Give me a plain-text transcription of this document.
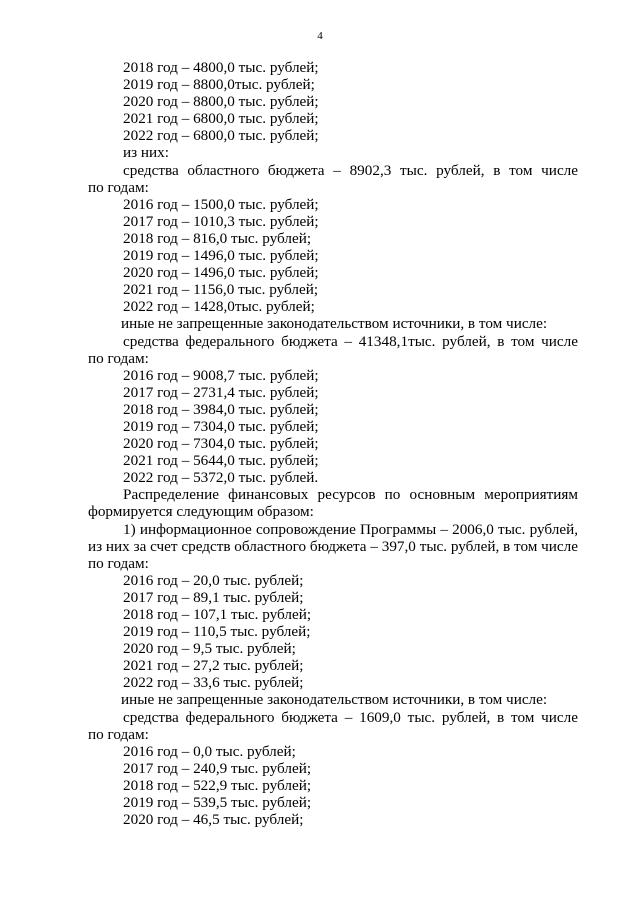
4
2018 год – 4800,0 тыс. рублей;
2019 год – 8800,0тыс. рублей;
2020 год – 8800,0 тыс. рублей;
2021 год – 6800,0 тыс. рублей;
2022 год – 6800,0 тыс. рублей;
из них:
средства областного бюджета – 8902,3 тыс. рублей, в том числе
по годам:
2016 год – 1500,0 тыс. рублей;
2017 год – 1010,3 тыс. рублей;
2018 год – 816,0 тыс. рублей;
2019 год – 1496,0 тыс. рублей;
2020 год – 1496,0 тыс. рублей;
2021 год – 1156,0 тыс. рублей;
2022 год – 1428,0тыс. рублей;
иные не запрещенные законодательством источники, в том числе:
средства федерального бюджета – 41348,1тыс. рублей, в том числе
по годам:
2016 год – 9008,7 тыс. рублей;
2017 год – 2731,4 тыс. рублей;
2018 год – 3984,0 тыс. рублей;
2019 год – 7304,0 тыс. рублей;
2020 год – 7304,0 тыс. рублей;
2021 год – 5644,0 тыс. рублей;
2022 год – 5372,0 тыс. рублей.
Распределение финансовых ресурсов по основным мероприятиям
формируется следующим образом:
1) информационное сопровождение Программы – 2006,0 тыс. рублей,
из них за счет средств областного бюджета – 397,0 тыс. рублей, в том числе
по годам:
2016 год – 20,0 тыс. рублей;
2017 год – 89,1 тыс. рублей;
2018 год – 107,1 тыс. рублей;
2019 год – 110,5 тыс. рублей;
2020 год – 9,5 тыс. рублей;
2021 год – 27,2 тыс. рублей;
2022 год – 33,6 тыс. рублей;
иные не запрещенные законодательством источники, в том числе:
средства федерального бюджета – 1609,0 тыс. рублей, в том числе
по годам:
2016 год – 0,0 тыс. рублей;
2017 год – 240,9 тыс. рублей;
2018 год – 522,9 тыс. рублей;
2019 год – 539,5 тыс. рублей;
2020 год – 46,5 тыс. рублей;
